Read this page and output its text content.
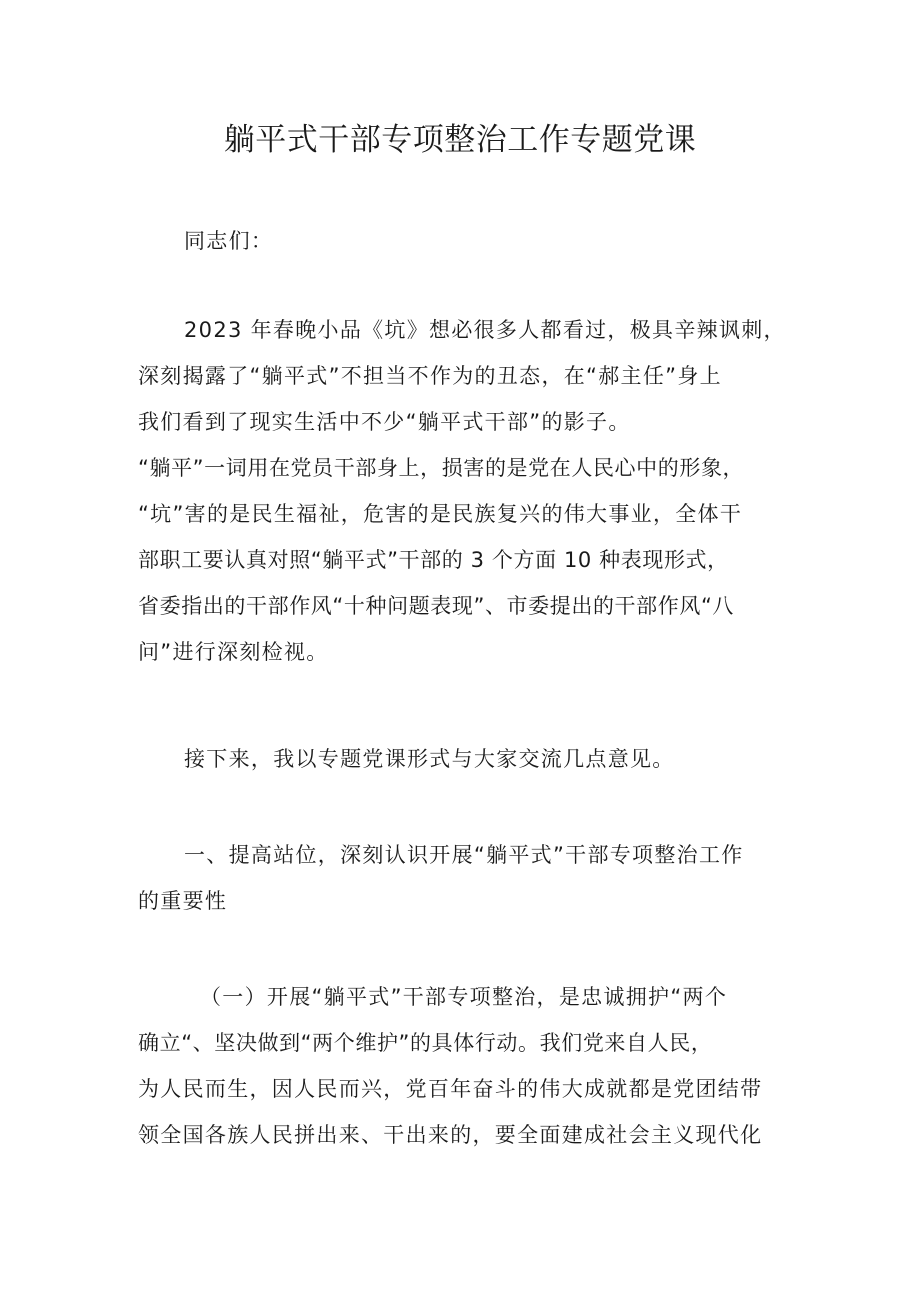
躺平式干部专项整治工作专题党课

同志们：

2023 年春晚小品《坑》想必很多人都看过，极具辛辣讽刺，

深刻揭露了“躺平式”不担当不作为的丑态，在“郝主任”身上

我们看到了现实生活中不少“躺平式干部”的影子。

“躺平”一词用在党员干部身上，损害的是党在人民心中的形象，

“坑”害的是民生福祉，危害的是民族复兴的伟大事业，全体干

部职工要认真对照“躺平式”干部的 3 个方面 10 种表现形式，

省委指出的干部作风“十种问题表现”、市委提出的干部作风“八

问”进行深刻检视。

接下来，我以专题党课形式与大家交流几点意见。

一、提高站位，深刻认识开展“躺平式”干部专项整治工作

的重要性

（一）开展“躺平式”干部专项整治，是忠诚拥护“两个

确立“、坚决做到“两个维护”的具体行动。我们党来自人民，

为人民而生，因人民而兴，党百年奋斗的伟大成就都是党团结带

领全国各族人民拼出来、干出来的，要全面建成社会主义现代化
